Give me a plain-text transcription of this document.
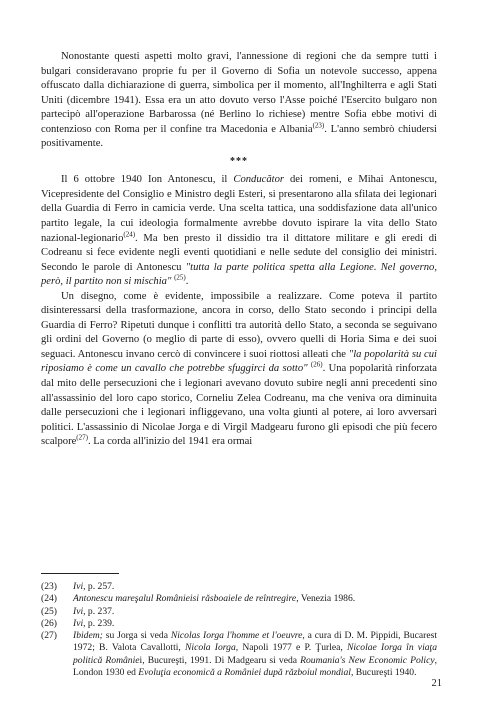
Nonostante questi aspetti molto gravi, l'annessione di regioni che da sempre tutti i bulgari consideravano proprie fu per il Governo di Sofia un notevole successo, appena offuscato dalla dichiarazione di guerra, simbolica per il momento, all'Inghilterra e agli Stati Uniti (dicembre 1941). Essa era un atto dovuto verso l'Asse poiché l'Esercito bulgaro non partecipò all'operazione Barbarossa (né Berlino lo richiese) mentre Sofia ebbe motivi di contenzioso con Roma per il confine tra Macedonia e Albania$^{(23)}$. L'anno sembrò chiudersi positivamente.

***

Il 6 ottobre 1940 Ion Antonescu, il Conducător dei romeni, e Mihai Antonescu, Vicepresidente del Consiglio e Ministro degli Esteri, si presentarono alla sfilata dei legionari della Guardia di Ferro in camicia verde. Una scelta tattica, una soddisfazione data all'unico partito legale, la cui ideologia formalmente avrebbe dovuto ispirare la vita dello Stato nazional-legionario$^{(24)}$. Ma ben presto il dissidio tra il dittatore militare e gli eredi di Codreanu si fece evidente negli eventi quotidiani e nelle sedute del consiglio dei ministri. Secondo le parole di Antonescu "tutta la parte politica spetta alla Legione. Nel governo, però, il partito non si mischia" $^{(25)}$.

Un disegno, come è evidente, impossibile a realizzare. Come poteva il partito disinteressarsi della trasformazione, ancora in corso, dello Stato secondo i principi della Guardia di Ferro? Ripetuti dunque i conflitti tra autorità dello Stato, a seconda se seguivano gli ordini del Governo (o meglio di parte di esso), ovvero quelli di Horia Sima e dei suoi seguaci. Antonescu invano cercò di convincere i suoi riottosi alleati che "la popolarità su cui riposiamo è come un cavallo che potrebbe sfuggirci da sotto" $^{(26)}$. Una popolarità rinforzata dal mito delle persecuzioni che i legionari avevano dovuto subire negli anni precedenti sino all'assassinio del loro capo storico, Corneliu Zelea Codreanu, ma che veniva ora diminuita dalle persecuzioni che i legionari infliggevano, una volta giunti al potere, ai loro avversari politici. L'assassinio di Nicolae Jorga e di Virgil Madgearu furono gli episodi che più fecero scalpore$^{(27)}$. La corda all'inizio del 1941 era ormai

(23) Ivi, p. 257.
(24) Antonescu mareşalul Românieisi răsboaiele de reîntregire, Venezia 1986.
(25) Ivi, p. 237.
(26) Ivi, p. 239.
(27) Ibidem; su Jorga si veda Nicolas Iorga l'homme et l'oeuvre, a cura di D. M. Pippidi, Bucarest 1972; B. Valota Cavallotti, Nicola Iorga, Napoli 1977 e P. Ţurlea, Nicolae Iorga în viaţa politică României, Bucureşti, 1991. Di Madgearu si veda Roumania's New Economic Policy, London 1930 ed Evoluţia economică a României după războiul mondial, Bucureşti 1940.
21
